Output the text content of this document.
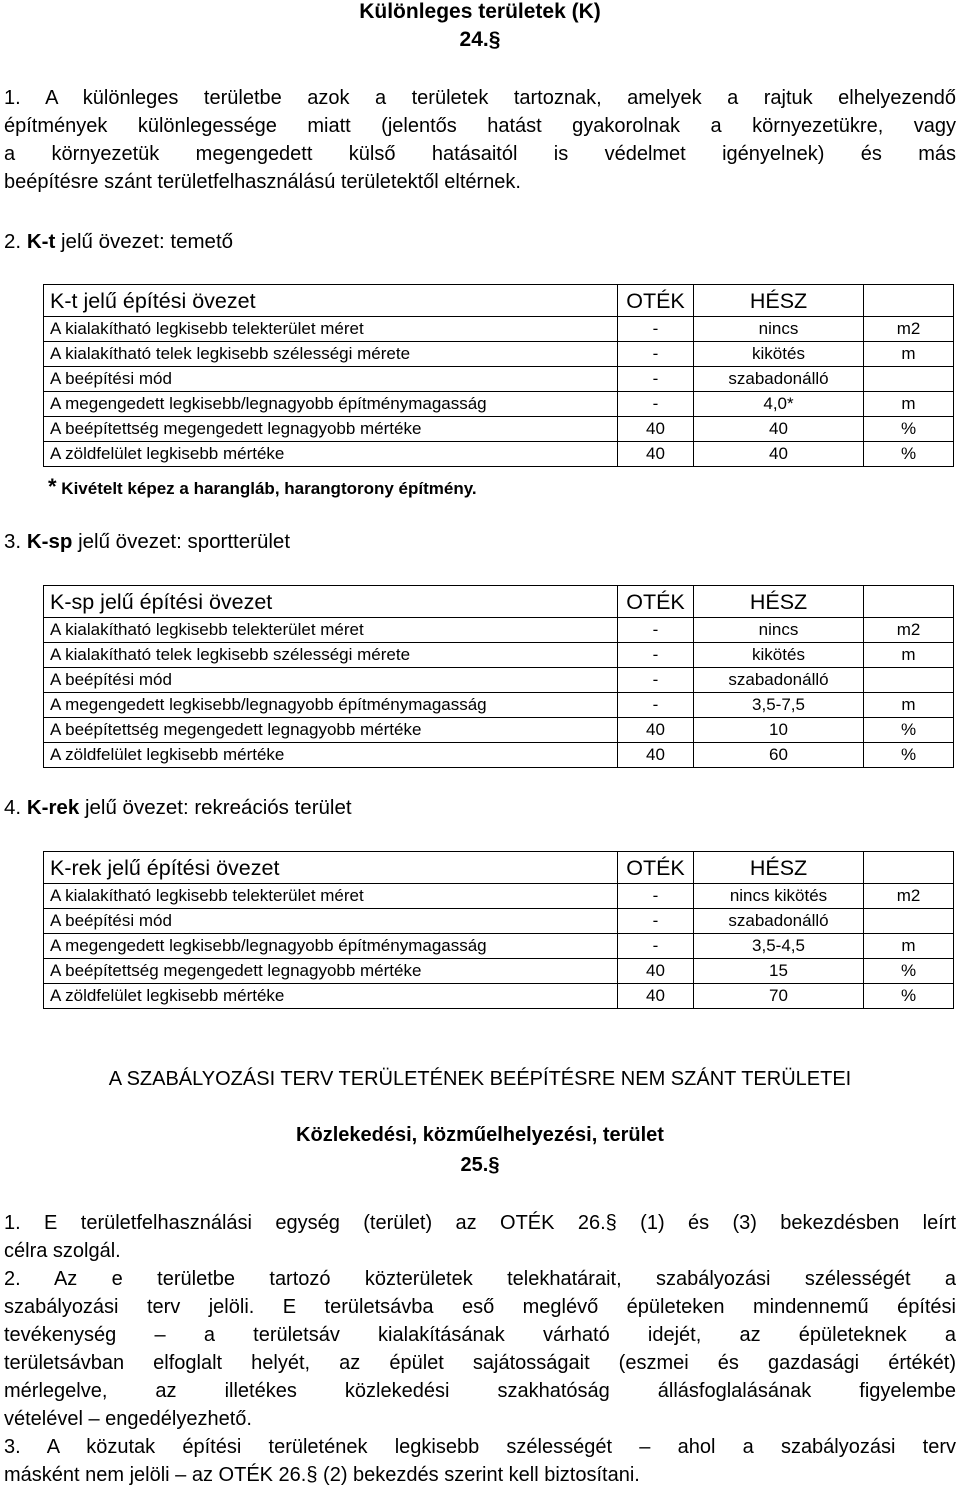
Különleges területek (K)
24.§
1. A különleges területbe azok a területek tartoznak, amelyek a rajtuk elhelyezendő
építmények különlegessége miatt (jelentős hatást gyakorolnak a környezetükre, vagy
a környezetük megengedett külső hatásaitól is védelmet igényelnek) és más
beépítésre szánt területfelhasználású területektől eltérnek.
2. K-t jelű övezet: temető
K-t jelű építési övezet	OTÉK	HÉSZ	
A kialakítható legkisebb telekterület méret	-	nincs	m2
A kialakítható telek legkisebb szélességi mérete	-	kikötés	m
A beépítési mód	-	szabadonálló	
A megengedett legkisebb/legnagyobb építménymagasság	-	4,0*	m
A beépítettség megengedett legnagyobb mértéke	40	40	%
A zöldfelület legkisebb mértéke	40	40	%
* Kivételt képez a harangláb, harangtorony építmény.
3. K-sp jelű övezet: sportterület
K-sp jelű építési övezet	OTÉK	HÉSZ	
A kialakítható legkisebb telekterület méret	-	nincs	m2
A kialakítható telek legkisebb szélességi mérete	-	kikötés	m
A beépítési mód	-	szabadonálló	
A megengedett legkisebb/legnagyobb építménymagasság	-	3,5-7,5	m
A beépítettség megengedett legnagyobb mértéke	40	10	%
A zöldfelület legkisebb mértéke	40	60	%
4. K-rek jelű övezet: rekreációs terület
K-rek jelű építési övezet	OTÉK	HÉSZ	
A kialakítható legkisebb telekterület méret	-	nincs kikötés	m2
A beépítési mód	-	szabadonálló	
A megengedett legkisebb/legnagyobb építménymagasság	-	3,5-4,5	m
A beépítettség megengedett legnagyobb mértéke	40	15	%
A zöldfelület legkisebb mértéke	40	70	%
A SZABÁLYOZÁSI TERV TERÜLETÉNEK BEÉPÍTÉSRE NEM SZÁNT TERÜLETEI
Közlekedési, közműelhelyezési, terület
25.§
1. E területfelhasználási egység (terület) az OTÉK 26.§ (1) és (3) bekezdésben leírt
célra szolgál.
2. Az e területbe tartozó közterületek telekhatárait, szabályozási szélességét a
szabályozási terv jelöli. E területsávba eső meglévő épületeken mindennemű építési
tevékenység – a területsáv kialakításának várható idejét, az épületeknek a
területsávban elfoglalt helyét, az épület sajátosságait (eszmei és gazdasági értékét)
mérlegelve, az illetékes közlekedési szakhatóság állásfoglalásának figyelembe
vételével – engedélyezhető.
3. A közutak építési területének legkisebb szélességét – ahol a szabályozási terv
másként nem jelöli – az OTÉK 26.§ (2) bekezdés szerint kell biztosítani.
